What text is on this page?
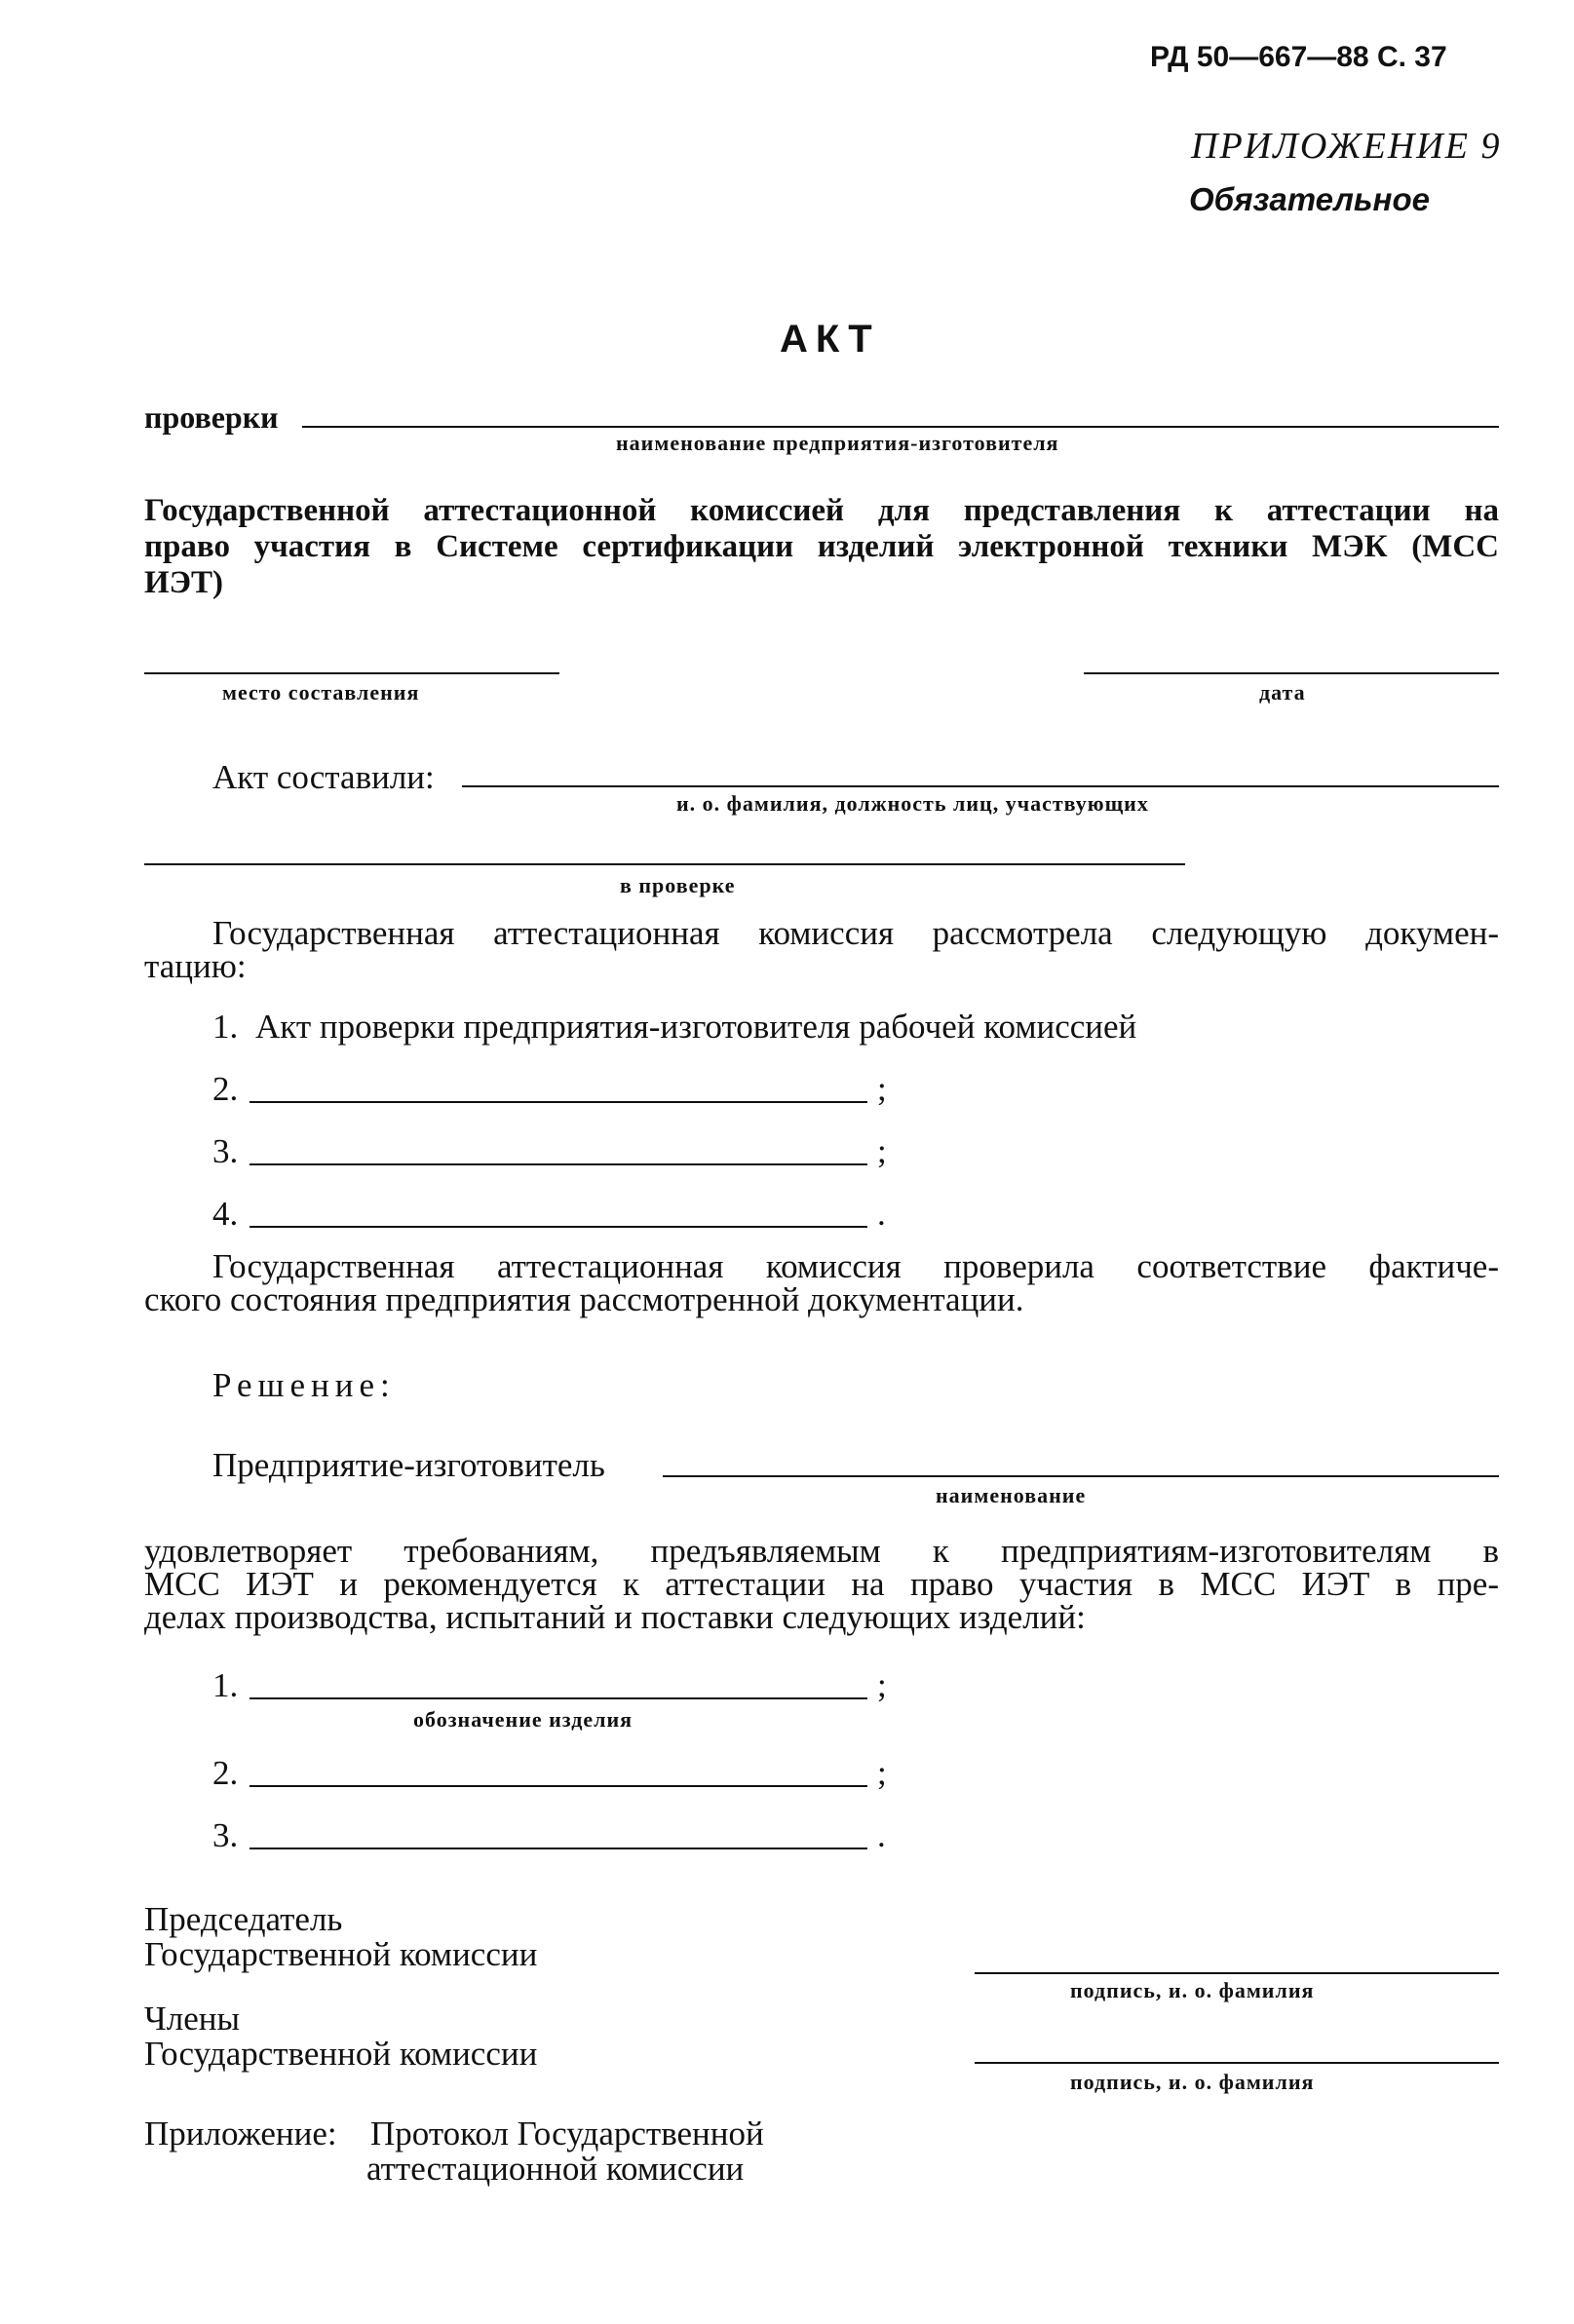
РД 50—667—88 С. 37
ПРИЛОЖЕНИЕ 9
Обязательное
АКТ
проверки
наименование предприятия-изготовителя
Государственной аттестационной комиссией для представления к аттестации на
право участия в Системе сертификации изделий электронной техники МЭК (МСС
ИЭТ)
место составления	дата
Акт составили:
и. о. фамилия, должность лиц, участвующих
в проверке
Государственная аттестационная комиссия рассмотрела следующую докумен-
тацию:
1. Акт проверки предприятия-изготовителя рабочей комиссией
2.	;
3.	;
4.	.
Государственная аттестационная комиссия проверила соответствие фактиче-
ского состояния предприятия рассмотренной документации.
Решение:
Предприятие-изготовитель
наименование
удовлетворяет требованиям, предъявляемым к предприятиям-изготовителям в
МСС ИЭТ и рекомендуется к аттестации на право участия в МСС ИЭТ в пре-
делах производства, испытаний и поставки следующих изделий:
1.	;
обозначение изделия
2.	;
3.	.
Председатель
Государственной комиссии
подпись, и. о. фамилия
Члены
Государственной комиссии
подпись, и. о. фамилия
Приложение: Протокол Государственной
аттестационной комиссии
